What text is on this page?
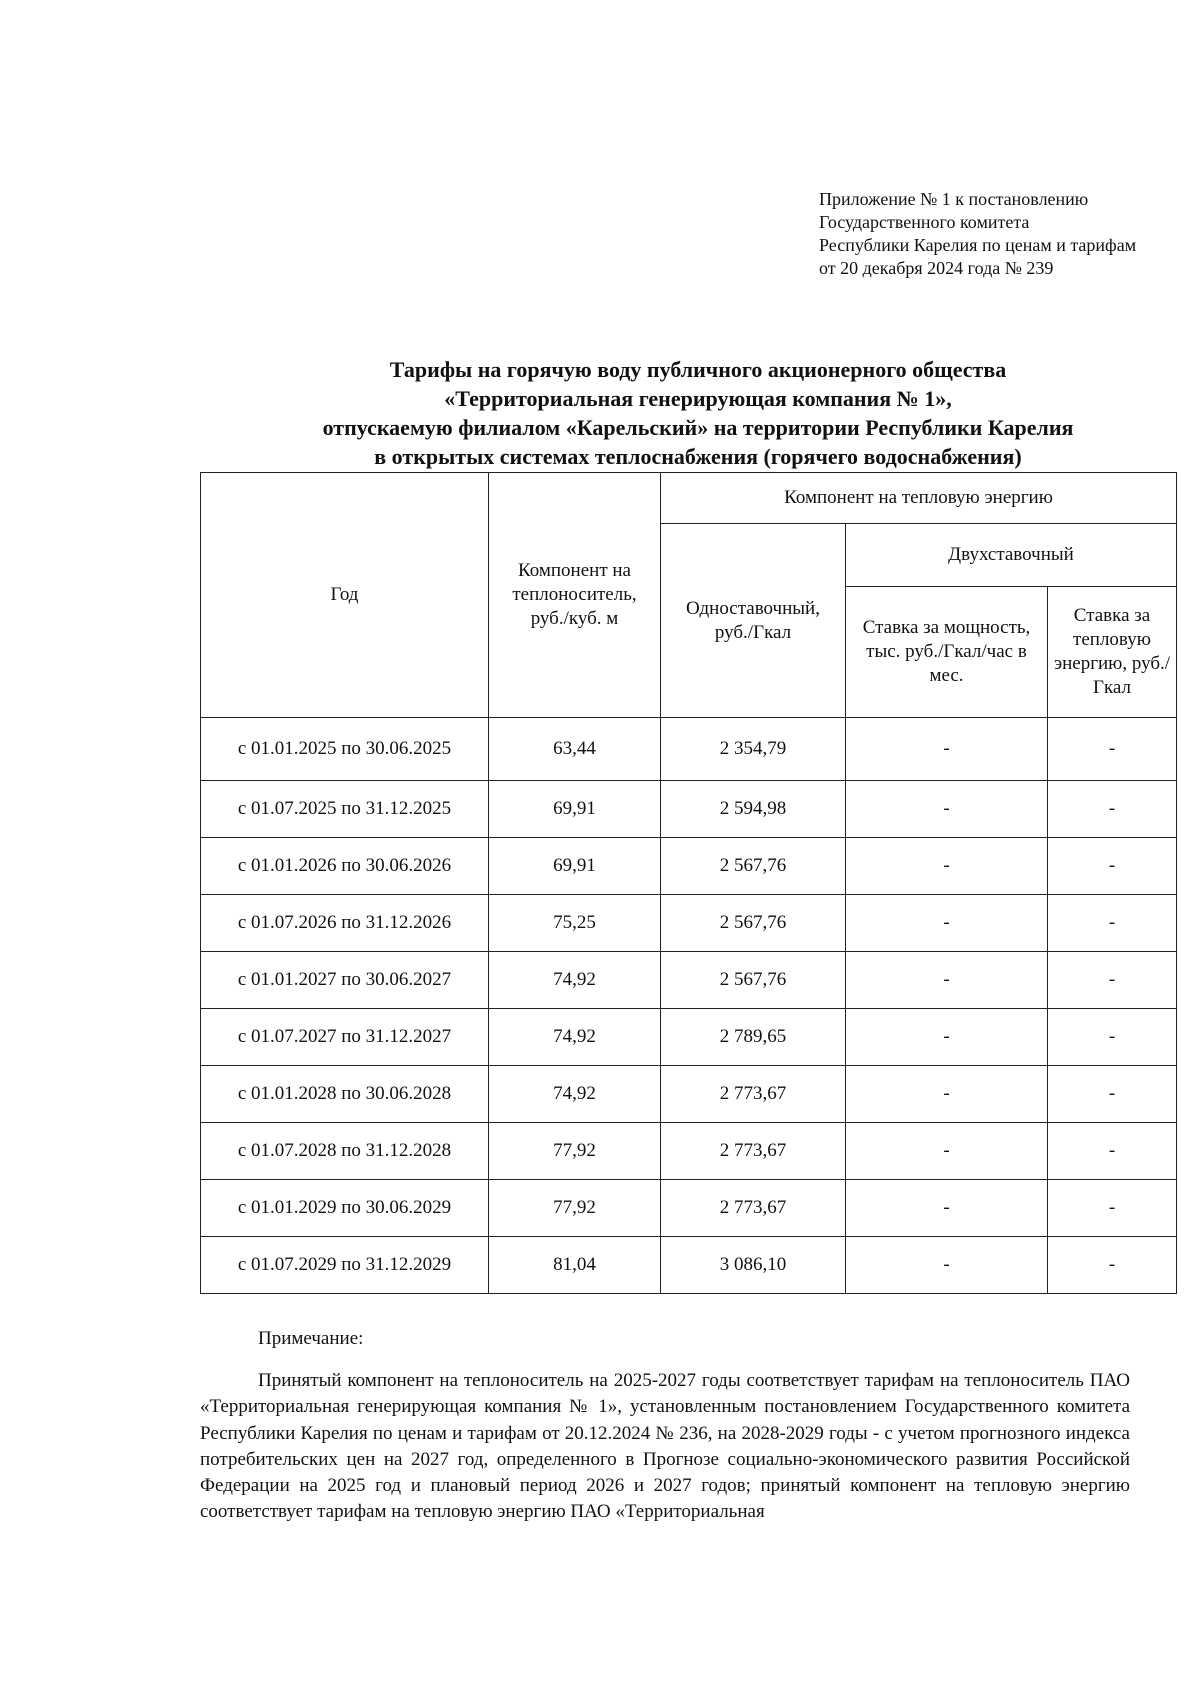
Приложение № 1 к постановлению
Государственного комитета
Республики Карелия по ценам и тарифам
от 20 декабря 2024 года № 239
Тарифы на горячую воду публичного акционерного общества
«Территориальная генерирующая компания № 1»,
отпускаемую филиалом «Карельский» на территории Республики Карелия
в открытых системах теплоснабжения (горячего водоснабжения)
Год	Компонент на теплоноситель, руб./куб. м	Компонент на тепловую энергию		
		Одноставочный, руб./Гкал	Двухставочный	
			Ставка за мощность, тыс. руб./Гкал/час в мес.	Ставка за тепловую энергию, руб./Гкал
с 01.01.2025 по 30.06.2025	63,44	2 354,79	-	-
с 01.07.2025 по 31.12.2025	69,91	2 594,98	-	-
с 01.01.2026 по 30.06.2026	69,91	2 567,76	-	-
с 01.07.2026 по 31.12.2026	75,25	2 567,76	-	-
с 01.01.2027 по 30.06.2027	74,92	2 567,76	-	-
с 01.07.2027 по 31.12.2027	74,92	2 789,65	-	-
с 01.01.2028 по 30.06.2028	74,92	2 773,67	-	-
с 01.07.2028 по 31.12.2028	77,92	2 773,67	-	-
с 01.01.2029 по 30.06.2029	77,92	2 773,67	-	-
с 01.07.2029 по 31.12.2029	81,04	3 086,10	-	-

Примечание:

Принятый компонент на теплоноситель на 2025-2027 годы соответствует тарифам на теплоноситель ПАО «Территориальная генерирующая компания № 1», установленным постановлением Государственного комитета Республики Карелия по ценам и тарифам от 20.12.2024 № 236, на 2028-2029 годы - с учетом прогнозного индекса потребительских цен на 2027 год, определенного в Прогнозе социально-экономического развития Российской Федерации на 2025 год и плановый период 2026 и 2027 годов; принятый компонент на тепловую энергию соответствует тарифам на тепловую энергию ПАО «Территориальная
